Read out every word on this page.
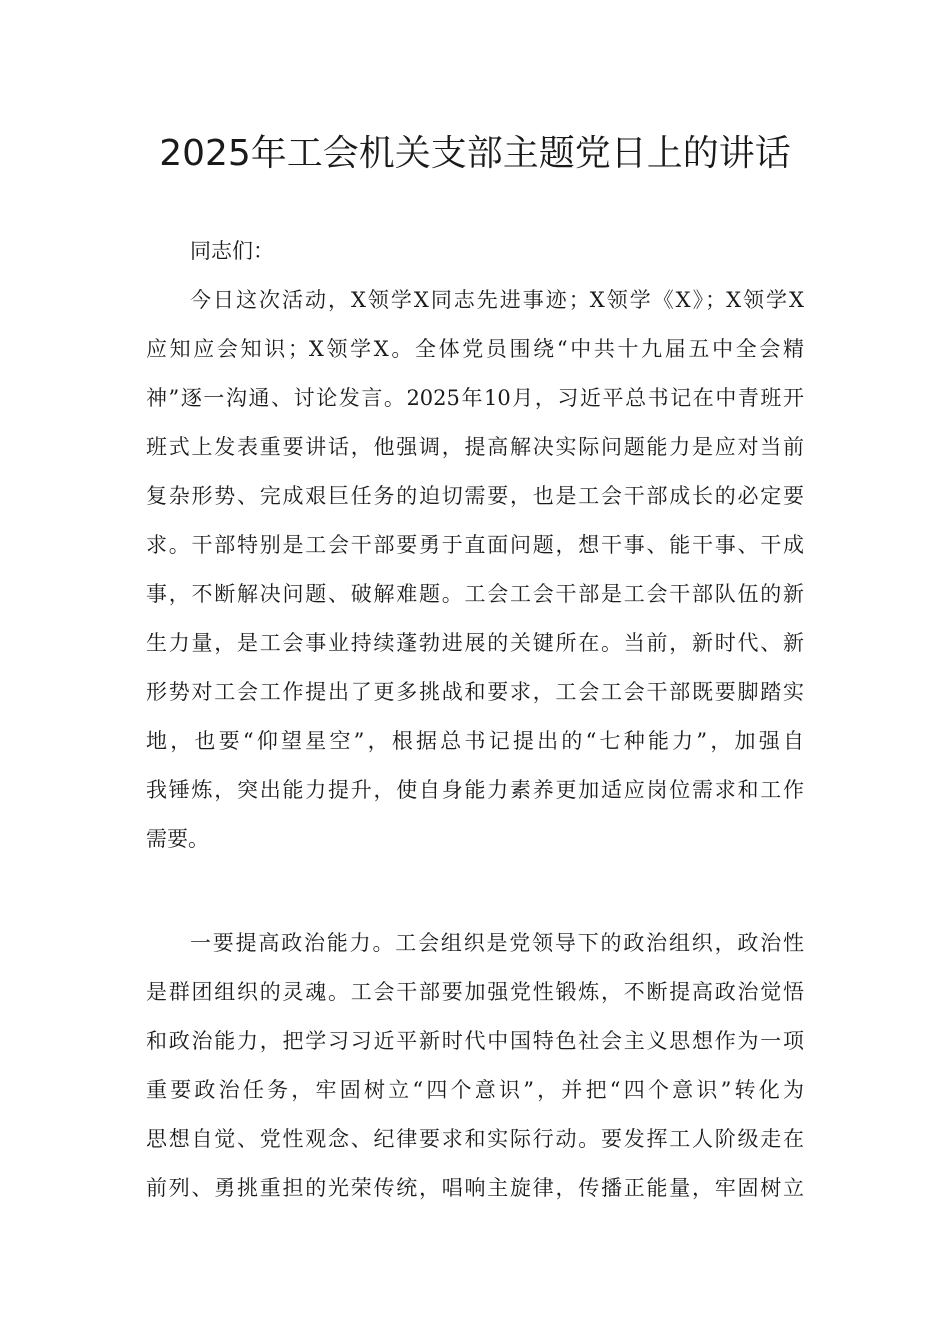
2025年工会机关支部主题党日上的讲话

同志们：

今日这次活动，X领学X同志先进事迹；X领学《X》；X领学X

应知应会知识；X领学X。全体党员围绕“中共十九届五中全会精

神”逐一沟通、讨论发言。2025年10月，习近平总书记在中青班开

班式上发表重要讲话，他强调，提高解决实际问题能力是应对当前

复杂形势、完成艰巨任务的迫切需要，也是工会干部成长的必定要

求。干部特别是工会干部要勇于直面问题，想干事、能干事、干成

事，不断解决问题、破解难题。工会工会干部是工会干部队伍的新

生力量，是工会事业持续蓬勃进展的关键所在。当前，新时代、新

形势对工会工作提出了更多挑战和要求，工会工会干部既要脚踏实

地，也要“仰望星空”，根据总书记提出的“七种能力”，加强自

我锤炼，突出能力提升，使自身能力素养更加适应岗位需求和工作

需要。

一要提高政治能力。工会组织是党领导下的政治组织，政治性

是群团组织的灵魂。工会干部要加强党性锻炼，不断提高政治觉悟

和政治能力，把学习习近平新时代中国特色社会主义思想作为一项

重要政治任务，牢固树立“四个意识”，并把“四个意识”转化为

思想自觉、党性观念、纪律要求和实际行动。要发挥工人阶级走在

前列、勇挑重担的光荣传统，唱响主旋律，传播正能量，牢固树立
